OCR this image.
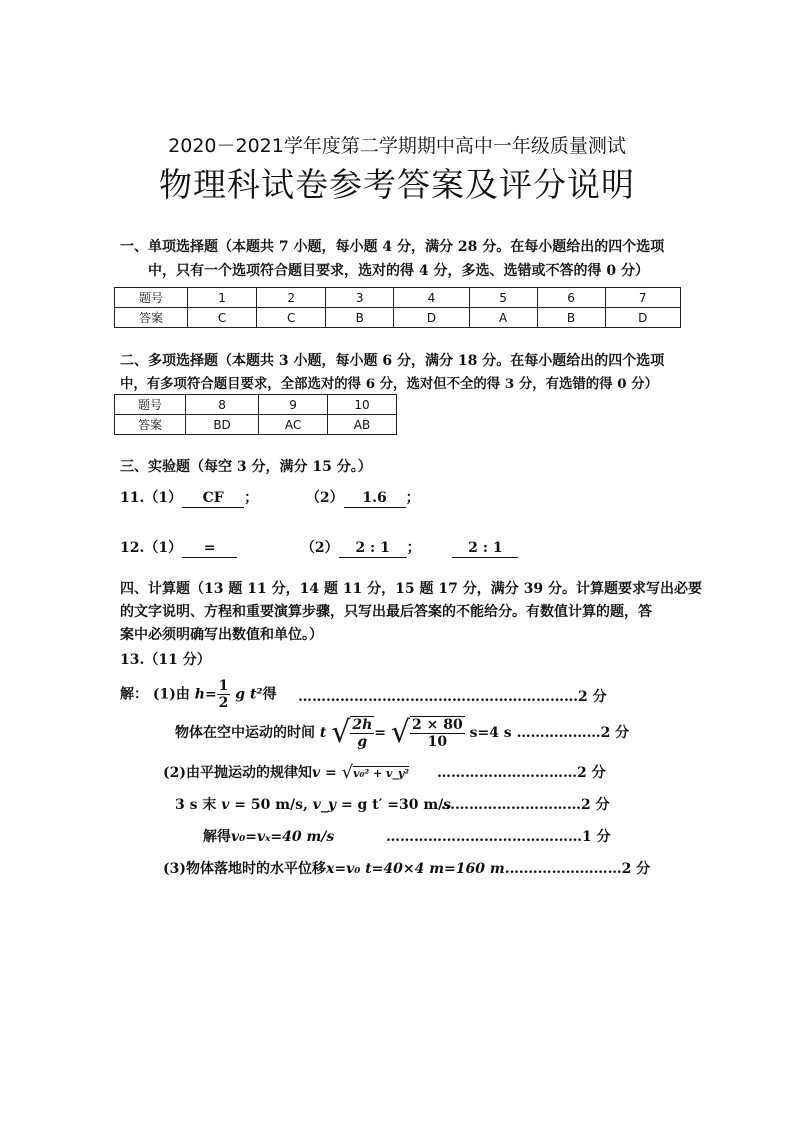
2020－2021学年度第二学期期中高中一年级质量测试
物理科试卷参考答案及评分说明
一、单项选择题（本题共 7 小题，每小题 4 分，满分 28 分。在每小题给出的四个选项
中，只有一个选项符合题目要求，选对的得 4 分，多选、选错或不答的得 0 分）
题号	1	2	3	4	5	6	7
答案	C	C	B	D	A	B	D
二、多项选择题（本题共 3 小题，每小题 6 分，满分 18 分。在每小题给出的四个选项
中，有多项符合题目要求，全部选对的得 6 分，选对但不全的得 3 分，有选错的得 0 分）
题号	8	9	10
答案	BD	AC	AB
三、实验题（每空 3 分，满分 15 分。）
11.（1） CF ；	（2） 1.6 ；
12.（1） =	（2） 2 : 1 ；	2 : 1
四、计算题（13 题 11 分，14 题 11 分，15 题 17 分，满分 39 分。计算题要求写出必要
的文字说明、方程和重要演算步骤，只写出最后答案的不能给分。有数值计算的题，答
案中必须明确写出数值和单位。）
13.（11 分）
解： (1)由 $h= \frac{1}{2}$ g t²得 ……………………………………………………2 分
物体在空中运动的时间 t √ $\frac{2h}{g}$ = √ $\frac{2 \times 80}{10} s=4$ s ………………2 分
(2)由平抛运动的规律知v = √v₀² + v_y² …………………………2 分
3 s 末 v = 50 m/s, v_y = g t′ =30 m/s
…………………………2 分
解得v₀=vₓ=40 m/s	……………………………………1 分
(3)物体落地时的水平位移x=v₀ t=40×4 m=160 m.……………………2 分
